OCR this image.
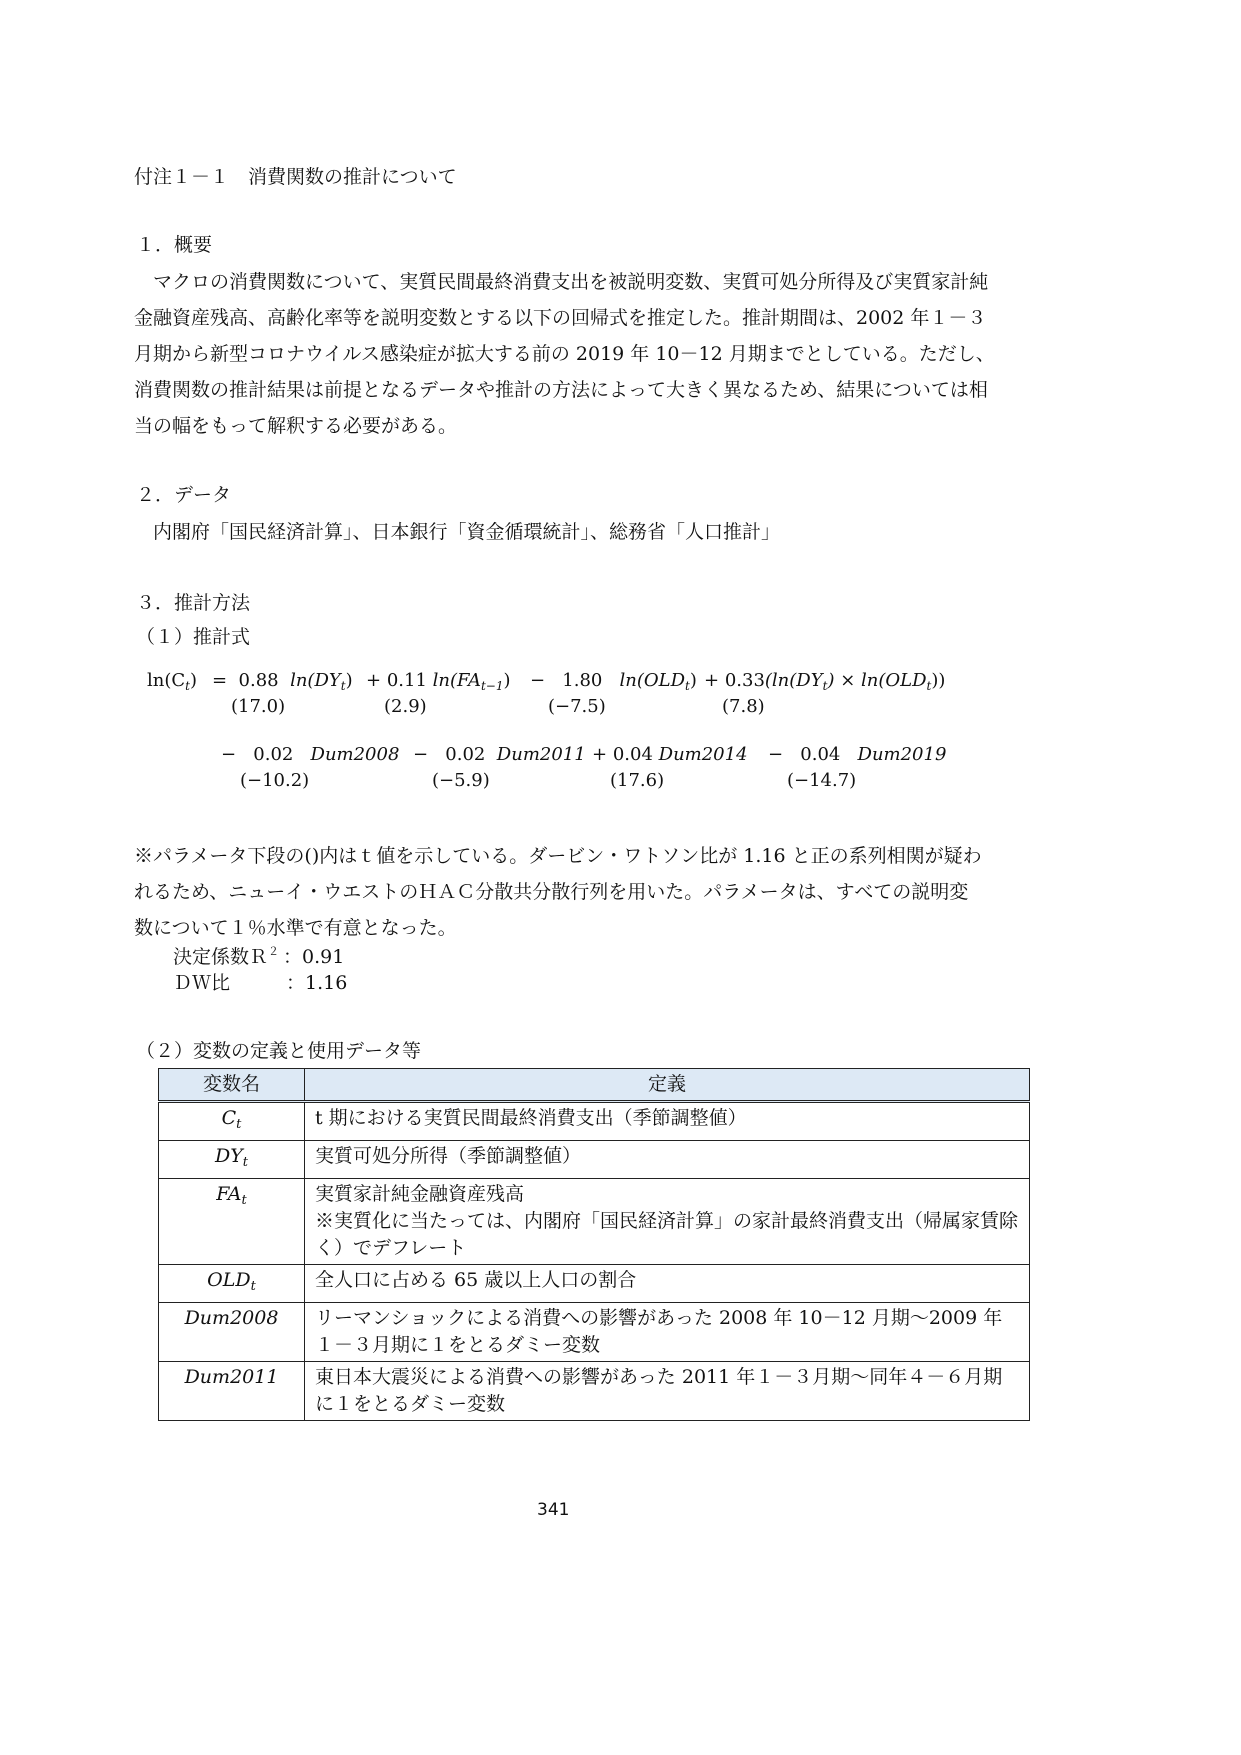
付注１－１　消費関数の推計について
１．概要

マクロの消費関数について、実質民間最終消費支出を被説明変数、実質可処分所得及び実質家計純金融資産残高、高齢化率等を説明変数とする以下の回帰式を推定した。推計期間は、2002 年１－３月期から新型コロナウイルス感染症が拡大する前の 2019 年 10－12 月期までとしている。ただし、消費関数の推計結果は前提となるデータや推計の方法によって大きく異なるため、結果については相当の幅をもって解釈する必要がある。

２．データ
内閣府「国民経済計算」、日本銀行「資金循環統計」、総務省「人口推計」
３．推計方法
（１）推計式
$\ln(C_t) = 0.88$ $\ln(DY_t)$
(17.0)
+ 0.11 $\ln(FA_{t-1})$
(2.9)
− 1.80 $\ln(OLD_t)$
(−7.5)
+ $0.33(\ln(DY_t) \times \ln(OLD_t))$
(7.8)
− 0.02 Dum2008
(−10.2)
− 0.02 Dum2011
(−5.9)
+ 0.04 Dum2014
(17.6)
− 0.04 Dum2019
(−14.7)

※パラメータ下段の()内はｔ値を示している。ダービン・ワトソン比が 1.16 と正の系列相関が疑われるため、ニューイ・ウエストのＨＡＣ分散共分散行列を用いた。パラメータは、すべての説明変数について１％水準で有意となった。

決定係数Ｒ$^2$ ：0.91
ＤＷ比	：1.16
（２）変数の定義と使用データ等
変数名	定義
$C_t$	t 期における実質民間最終消費支出（季節調整値）
$DY_t$	実質可処分所得（季節調整値）
$FA_t$	実質家計純金融資産残高
※実質化に当たっては、内閣府「国民経済計算」の家計最終消費支出（帰属家賃除く）でデフレート
$OLD_t$	全人口に占める 65 歳以上人口の割合
Dum2008	リーマンショックによる消費への影響があった 2008 年 10－12 月期～2009 年１－３月期に１をとるダミー変数
Dum2011	東日本大震災による消費への影響があった 2011 年１－３月期～同年４－６月期に１をとるダミー変数
341
